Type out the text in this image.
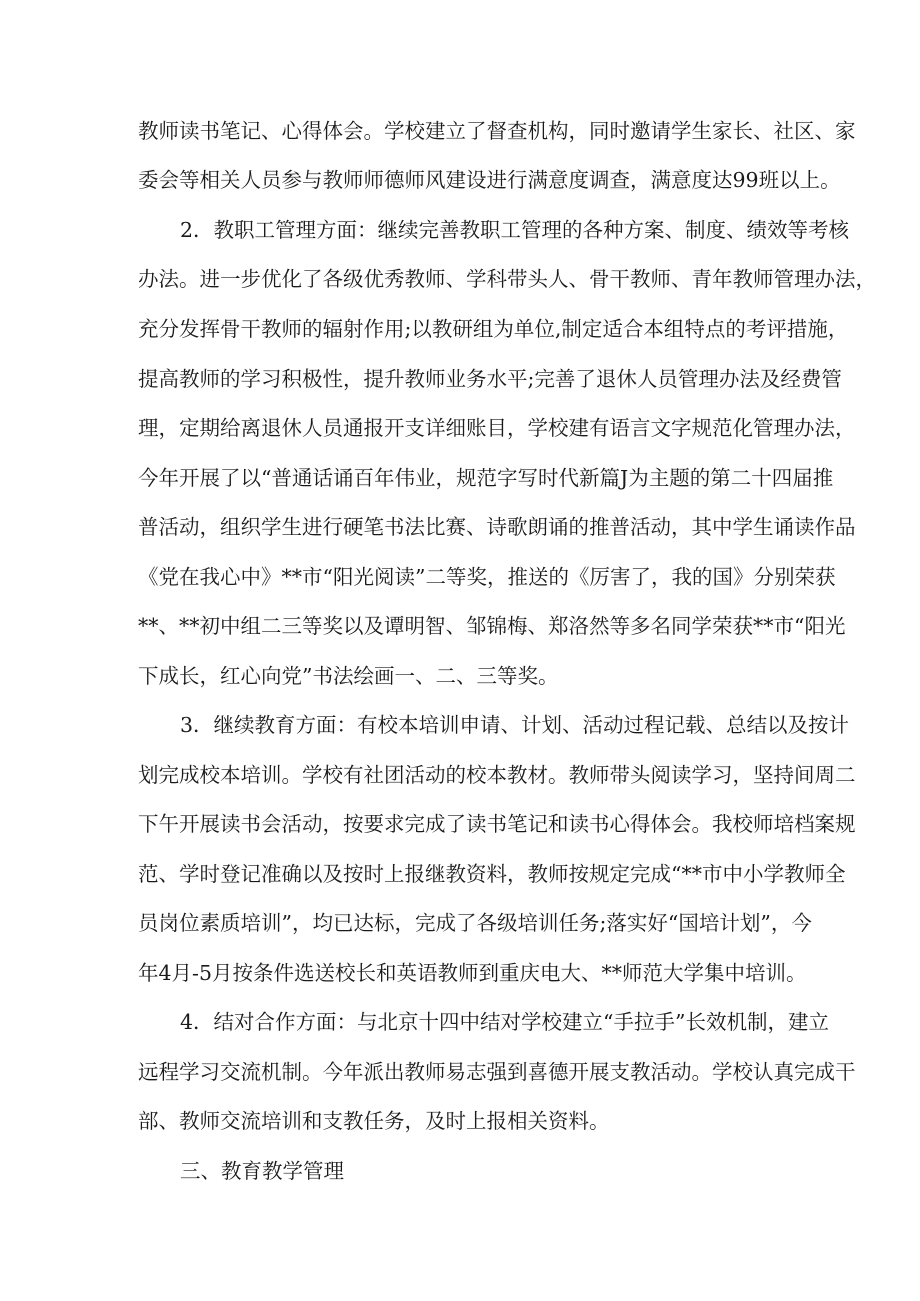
教师读书笔记、心得体会。学校建立了督查机构，同时邀请学生家长、社区、家
委会等相关人员参与教师师德师风建设进行满意度调查，满意度达99班以上。
2．教职工管理方面：继续完善教职工管理的各种方案、制度、绩效等考核
办法。进一步优化了各级优秀教师、学科带头人、骨干教师、青年教师管理办法，
充分发挥骨干教师的辐射作用;以教研组为单位,制定适合本组特点的考评措施，
提高教师的学习积极性，提升教师业务水平;完善了退休人员管理办法及经费管
理，定期给离退休人员通报开支详细账目，学校建有语言文字规范化管理办法，
今年开展了以“普通话诵百年伟业，规范字写时代新篇J为主题的第二十四届推
普活动，组织学生进行硬笔书法比赛、诗歌朗诵的推普活动，其中学生诵读作品
《党在我心中》**市“阳光阅读”二等奖，推送的《厉害了，我的国》分别荣获
**、**初中组二三等奖以及谭明智、邹锦梅、郑洛然等多名同学荣获**市“阳光
下成长，红心向党”书法绘画一、二、三等奖。
3．继续教育方面：有校本培训申请、计划、活动过程记载、总结以及按计
划完成校本培训。学校有社团活动的校本教材。教师带头阅读学习，坚持间周二
下午开展读书会活动，按要求完成了读书笔记和读书心得体会。我校师培档案规
范、学时登记准确以及按时上报继教资料，教师按规定完成“**市中小学教师全
员岗位素质培训”，均已达标，完成了各级培训任务;落实好“国培计划”，今
年4月-5月按条件选送校长和英语教师到重庆电大、**师范大学集中培训。
4．结对合作方面：与北京十四中结对学校建立“手拉手”长效机制，建立
远程学习交流机制。今年派出教师易志强到喜德开展支教活动。学校认真完成干
部、教师交流培训和支教任务，及时上报相关资料。
三、教育教学管理
